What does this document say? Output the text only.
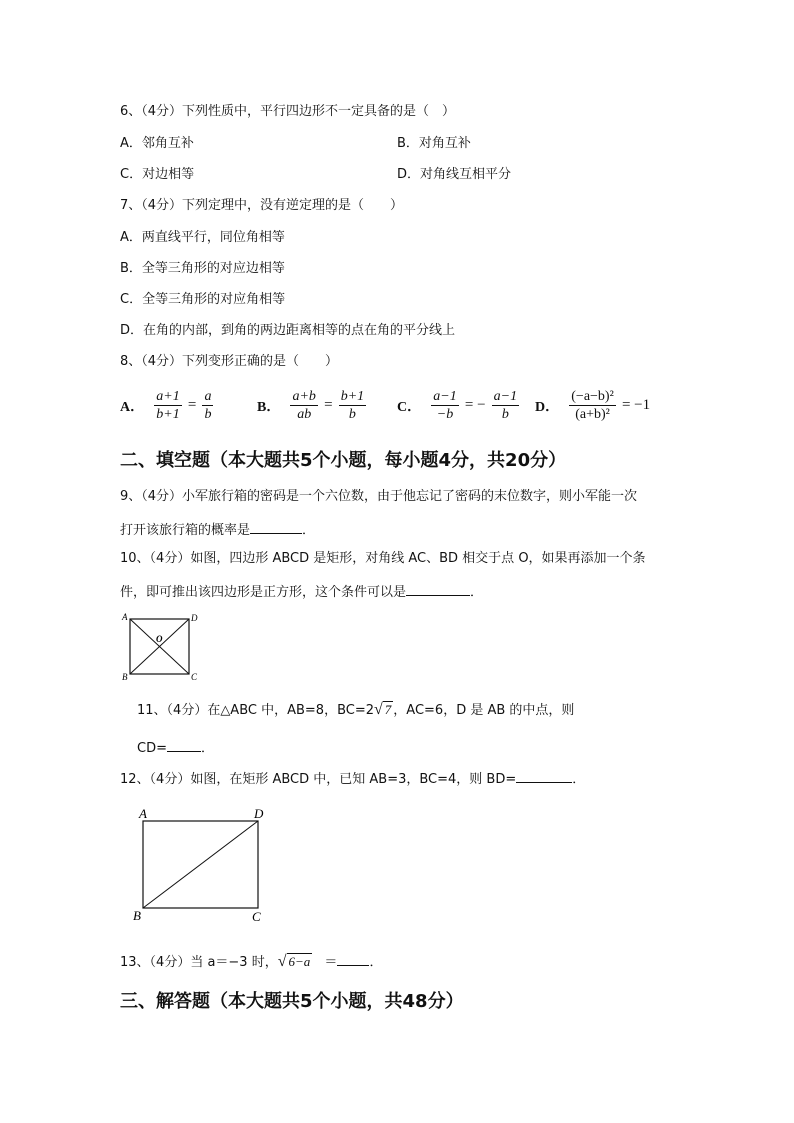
6、（4分）下列性质中，平行四边形不一定具备的是（　）
A．邻角互补	B．对角互补
C．对边相等	D．对角线互相平分
7、（4分）下列定理中，没有逆定理的是（　　）
A．两直线平行，同位角相等
B．全等三角形的对应边相等
C．全等三角形的对应角相等
D．在角的内部，到角的两边距离相等的点在角的平分线上
8、（4分）下列变形正确的是（　　）
A． $\frac{a+1}{b+1} = \frac{a}{b}$	B． $\frac{a+b}{ab} = \frac{b+1}{b}$ C． $\frac{a-1}{-b}$ = − $\frac{a-1}{b}$ D． $\frac{\text{(−a−b)²}}{\text{(a+b)²}} = -1$
二、填空题（本大题共5个小题，每小题4分，共20分）
9、（4分）小军旅行箱的密码是一个六位数，由于他忘记了密码的末位数字，则小军能一次
打开该旅行箱的概率是	．
10、（4分）如图，四边形 ABCD 是矩形，对角线 AC、BD 相交于点 O，如果再添加一个条
件，即可推出该四边形是正方形，这个条件可以是	．
A	D
B	C
O
11、（4分）在△ABC 中，AB=8，BC=2√ 7 ，AC=6，D 是 AB 的中点，则
CD=	．
12、（4分）如图，在矩形 ABCD 中，已知 AB=3，BC=4，则 BD=	．
A	D
B	C
13、（4分）当 a＝−3 时，√ 6−a ＝ ．
三、解答题（本大题共5个小题，共48分）
